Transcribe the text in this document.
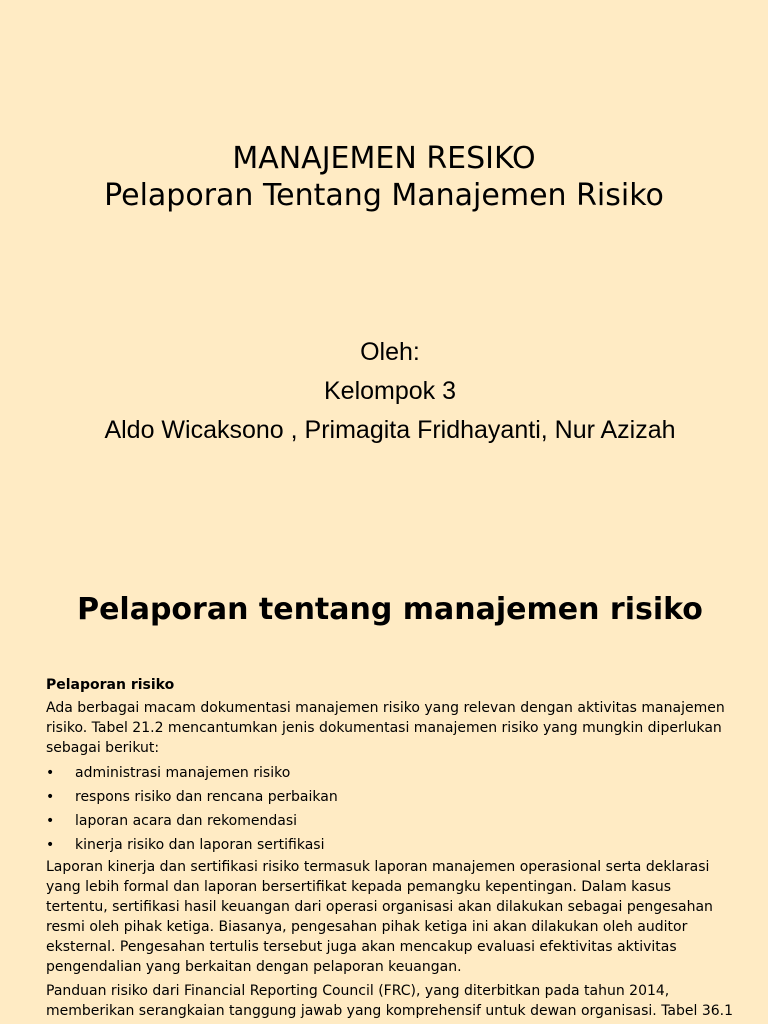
MANAJEMEN RESIKO
Pelaporan Tentang Manajemen Risiko
Oleh:
Kelompok 3
Aldo Wicaksono , Primagita Fridhayanti, Nur Azizah
Pelaporan tentang manajemen risiko
Pelaporan risiko

Ada berbagai macam dokumentasi manajemen risiko yang relevan dengan aktivitas manajemen risiko. Tabel 21.2 mencantumkan jenis dokumentasi manajemen risiko yang mungkin diperlukan sebagai berikut:

• administrasi manajemen risiko
• respons risiko dan rencana perbaikan
• laporan acara dan rekomendasi
• kinerja risiko dan laporan sertifikasi

Laporan kinerja dan sertifikasi risiko termasuk laporan manajemen operasional serta deklarasi yang lebih formal dan laporan bersertifikat kepada pemangku kepentingan. Dalam kasus tertentu, sertifikasi hasil keuangan dari operasi organisasi akan dilakukan sebagai pengesahan resmi oleh pihak ketiga. Biasanya, pengesahan pihak ketiga ini akan dilakukan oleh auditor eksternal. Pengesahan tertulis tersebut juga akan mencakup evaluasi efektivitas aktivitas pengendalian yang berkaitan dengan pelaporan keuangan.

Panduan risiko dari Financial Reporting Council (FRC), yang diterbitkan pada tahun 2014, memberikan serangkaian tanggung jawab yang komprehensif untuk dewan organisasi. Tabel 36.1
